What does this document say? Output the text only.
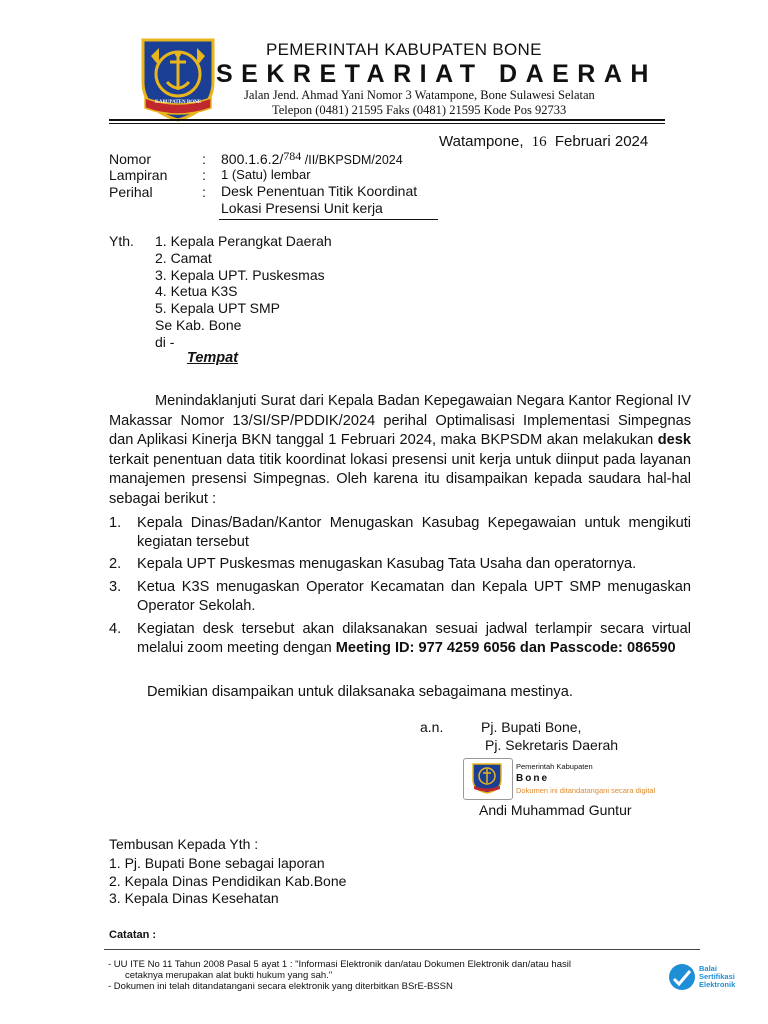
KABUPATEN BONE
PEMERINTAH KABUPATEN BONE
SEKRETARIAT DAERAH
Jalan Jend. Ahmad Yani Nomor 3 Watampone, Bone Sulawesi Selatan
Telepon (0481) 21595 Faks (0481) 21595 Kode Pos 92733
Watampone, 16 Februari 2024
Nomor	: 800.1.6.2/784 /II/BKPSDM/2024
Lampiran : 1 (Satu) lembar
Perihal	: Desk Penentuan Titik Koordinat
Lokasi Presensi Unit kerja
Yth. 1. Kepala Perangkat Daerah
2. Camat
3. Kepala UPT. Puskesmas
4. Ketua K3S
5. Kepala UPT SMP
Se Kab. Bone
di -
Tempat

Menindaklanjuti Surat dari Kepala Badan Kepegawaian Negara Kantor Regional IV Makassar Nomor 13/SI/SP/PDDIK/2024 perihal Optimalisasi Implementasi Simpegnas dan Aplikasi Kinerja BKN tanggal 1 Februari 2024, maka BKPSDM akan melakukan desk terkait penentuan data titik koordinat lokasi presensi unit kerja untuk diinput pada layanan manajemen presensi Simpegnas. Oleh karena itu disampaikan kepada saudara hal-hal sebagai berikut :

1. Kepala Dinas/Badan/Kantor Menugaskan Kasubag Kepegawaian untuk mengikuti kegiatan tersebut
2. Kepala UPT Puskesmas menugaskan Kasubag Tata Usaha dan operatornya.
3. Ketua K3S menugaskan Operator Kecamatan dan Kepala UPT SMP menugaskan Operator Sekolah.
4. Kegiatan desk tersebut akan dilaksanakan sesuai jadwal terlampir secara virtual melalui zoom meeting dengan Meeting ID: 977 4259 6056 dan Passcode: 086590
Demikian disampaikan untuk dilaksanaka sebagaimana mestinya.
a.n.	Pj. Bupati Bone,
Pj. Sekretaris Daerah
Pemerintah Kabupaten
Bone
Dokumen ini ditandatangani secara digital
Andi Muhammad Guntur
Tembusan Kepada Yth :
1. Pj. Bupati Bone sebagai laporan
2. Kepala Dinas Pendidikan Kab.Bone
3. Kepala Dinas Kesehatan
Catatan :
- UU ITE No 11 Tahun 2008 Pasal 5 ayat 1 : "Informasi Elektronik dan/atau Dokumen Elektronik dan/atau hasil
cetaknya merupakan alat bukti hukum yang sah."
- Dokumen ini telah ditandatangani secara elektronik yang diterbitkan BSrE-BSSN
Balai
Sertifikasi
Elektronik
